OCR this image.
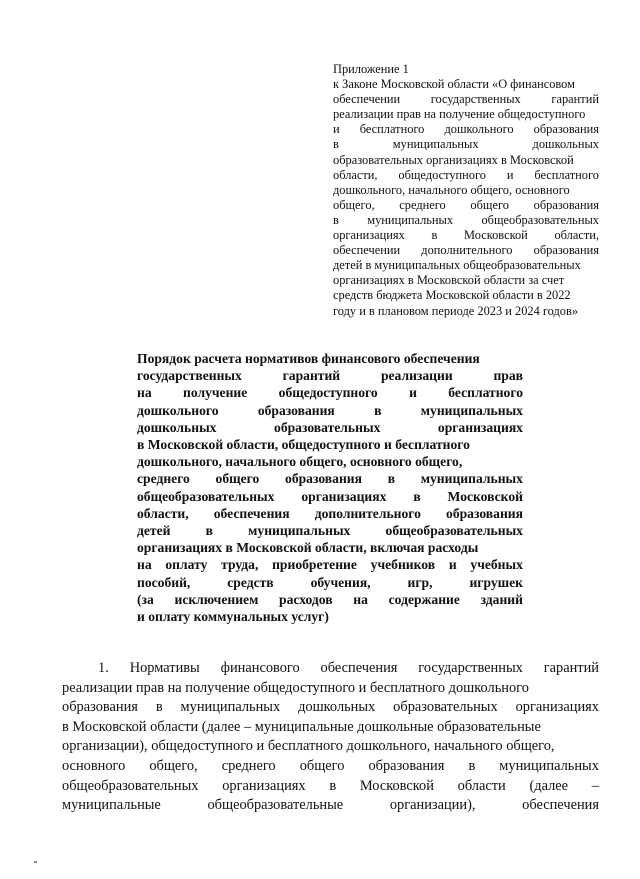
Приложение 1
к Законе Московской области «О финансовом
обеспечении государственных гарантий
реализации прав на получение общедоступного
и бесплатного дошкольного образования
в	муниципальных	дошкольных
образовательных организациях в Московской
области, общедоступного и бесплатного
дошкольного, начального общего, основного
общего, среднего общего образования
в муниципальных общеобразовательных
организациях в Московской области,
обеспечении дополнительного образования
детей в муниципальных общеобразовательных
организациях в Московской области за счет
средств бюджета Московской области в 2022
году и в плановом периоде 2023 и 2024 годов»
Порядок расчета нормативов финансового обеспечения
государственных	гарантий	реализации	прав
на получение общедоступного и бесплатного
дошкольного	образования	в	муниципальных
дошкольных	образовательных	организациях
в Московской области, общедоступного и бесплатного
дошкольного, начального общего, основного общего,
среднего общего образования в муниципальных
общеобразовательных организациях в Московской
области, обеспечения дополнительного образования
детей	в	муниципальных	общеобразовательных
организациях в Московской области, включая расходы
на оплату труда, приобретение учебников и учебных
пособий,	средств	обучения,	игр,	игрушек
(за исключением расходов на содержание зданий
и оплату коммунальных услуг)
1. Нормативы финансового обеспечения государственных гарантий
реализации прав на получение общедоступного и бесплатного дошкольного
образования в муниципальных дошкольных образовательных организациях
в Московской области (далее – муниципальные дошкольные образовательные
организации), общедоступного и бесплатного дошкольного, начального общего,
основного общего, среднего общего образования в муниципальных
общеобразовательных организациях в Московской области (далее –
муниципальные	общеобразовательные	организации),	обеспечения
